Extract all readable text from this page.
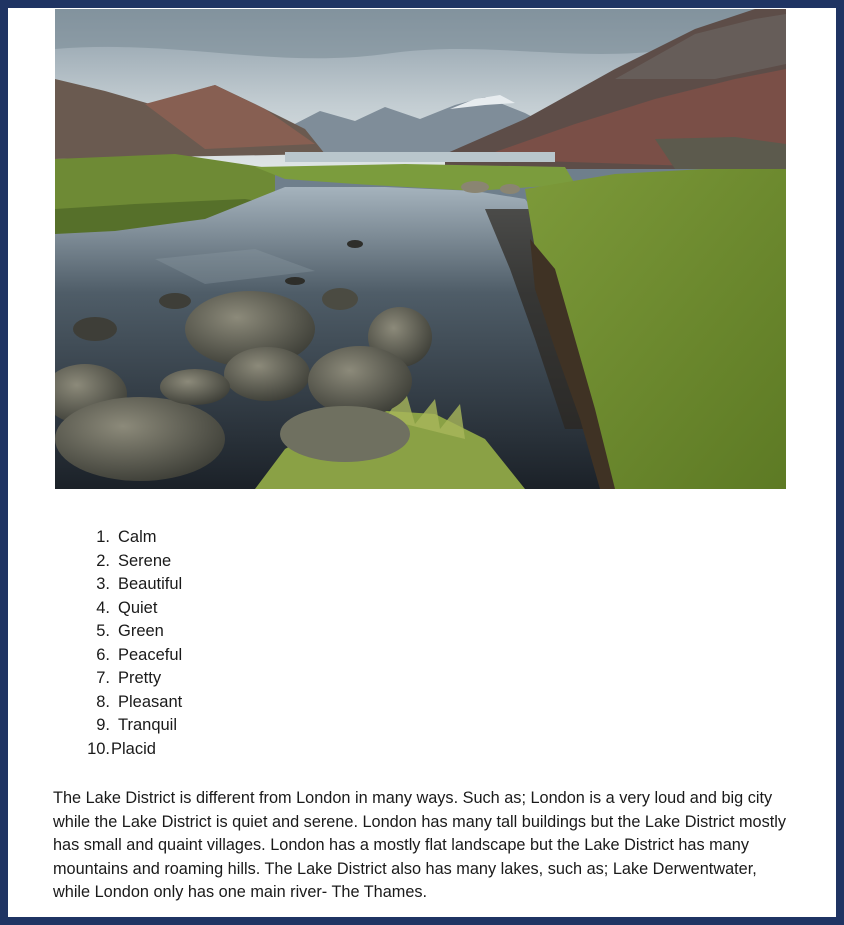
1. Calm
2. Serene
3. Beautiful
4. Quiet
5. Green
6. Peaceful
7. Pretty
8. Pleasant
9. Tranquil
10. Placid

The Lake District is different from London in many ways. Such as; London is a very loud and big city while the Lake District is quiet and serene. London has many tall buildings but the Lake District mostly has small and quaint villages. London has a mostly flat landscape but the Lake District has many mountains and roaming hills. The Lake District also has many lakes, such as; Lake Derwentwater, while London only has one main river- The Thames.
